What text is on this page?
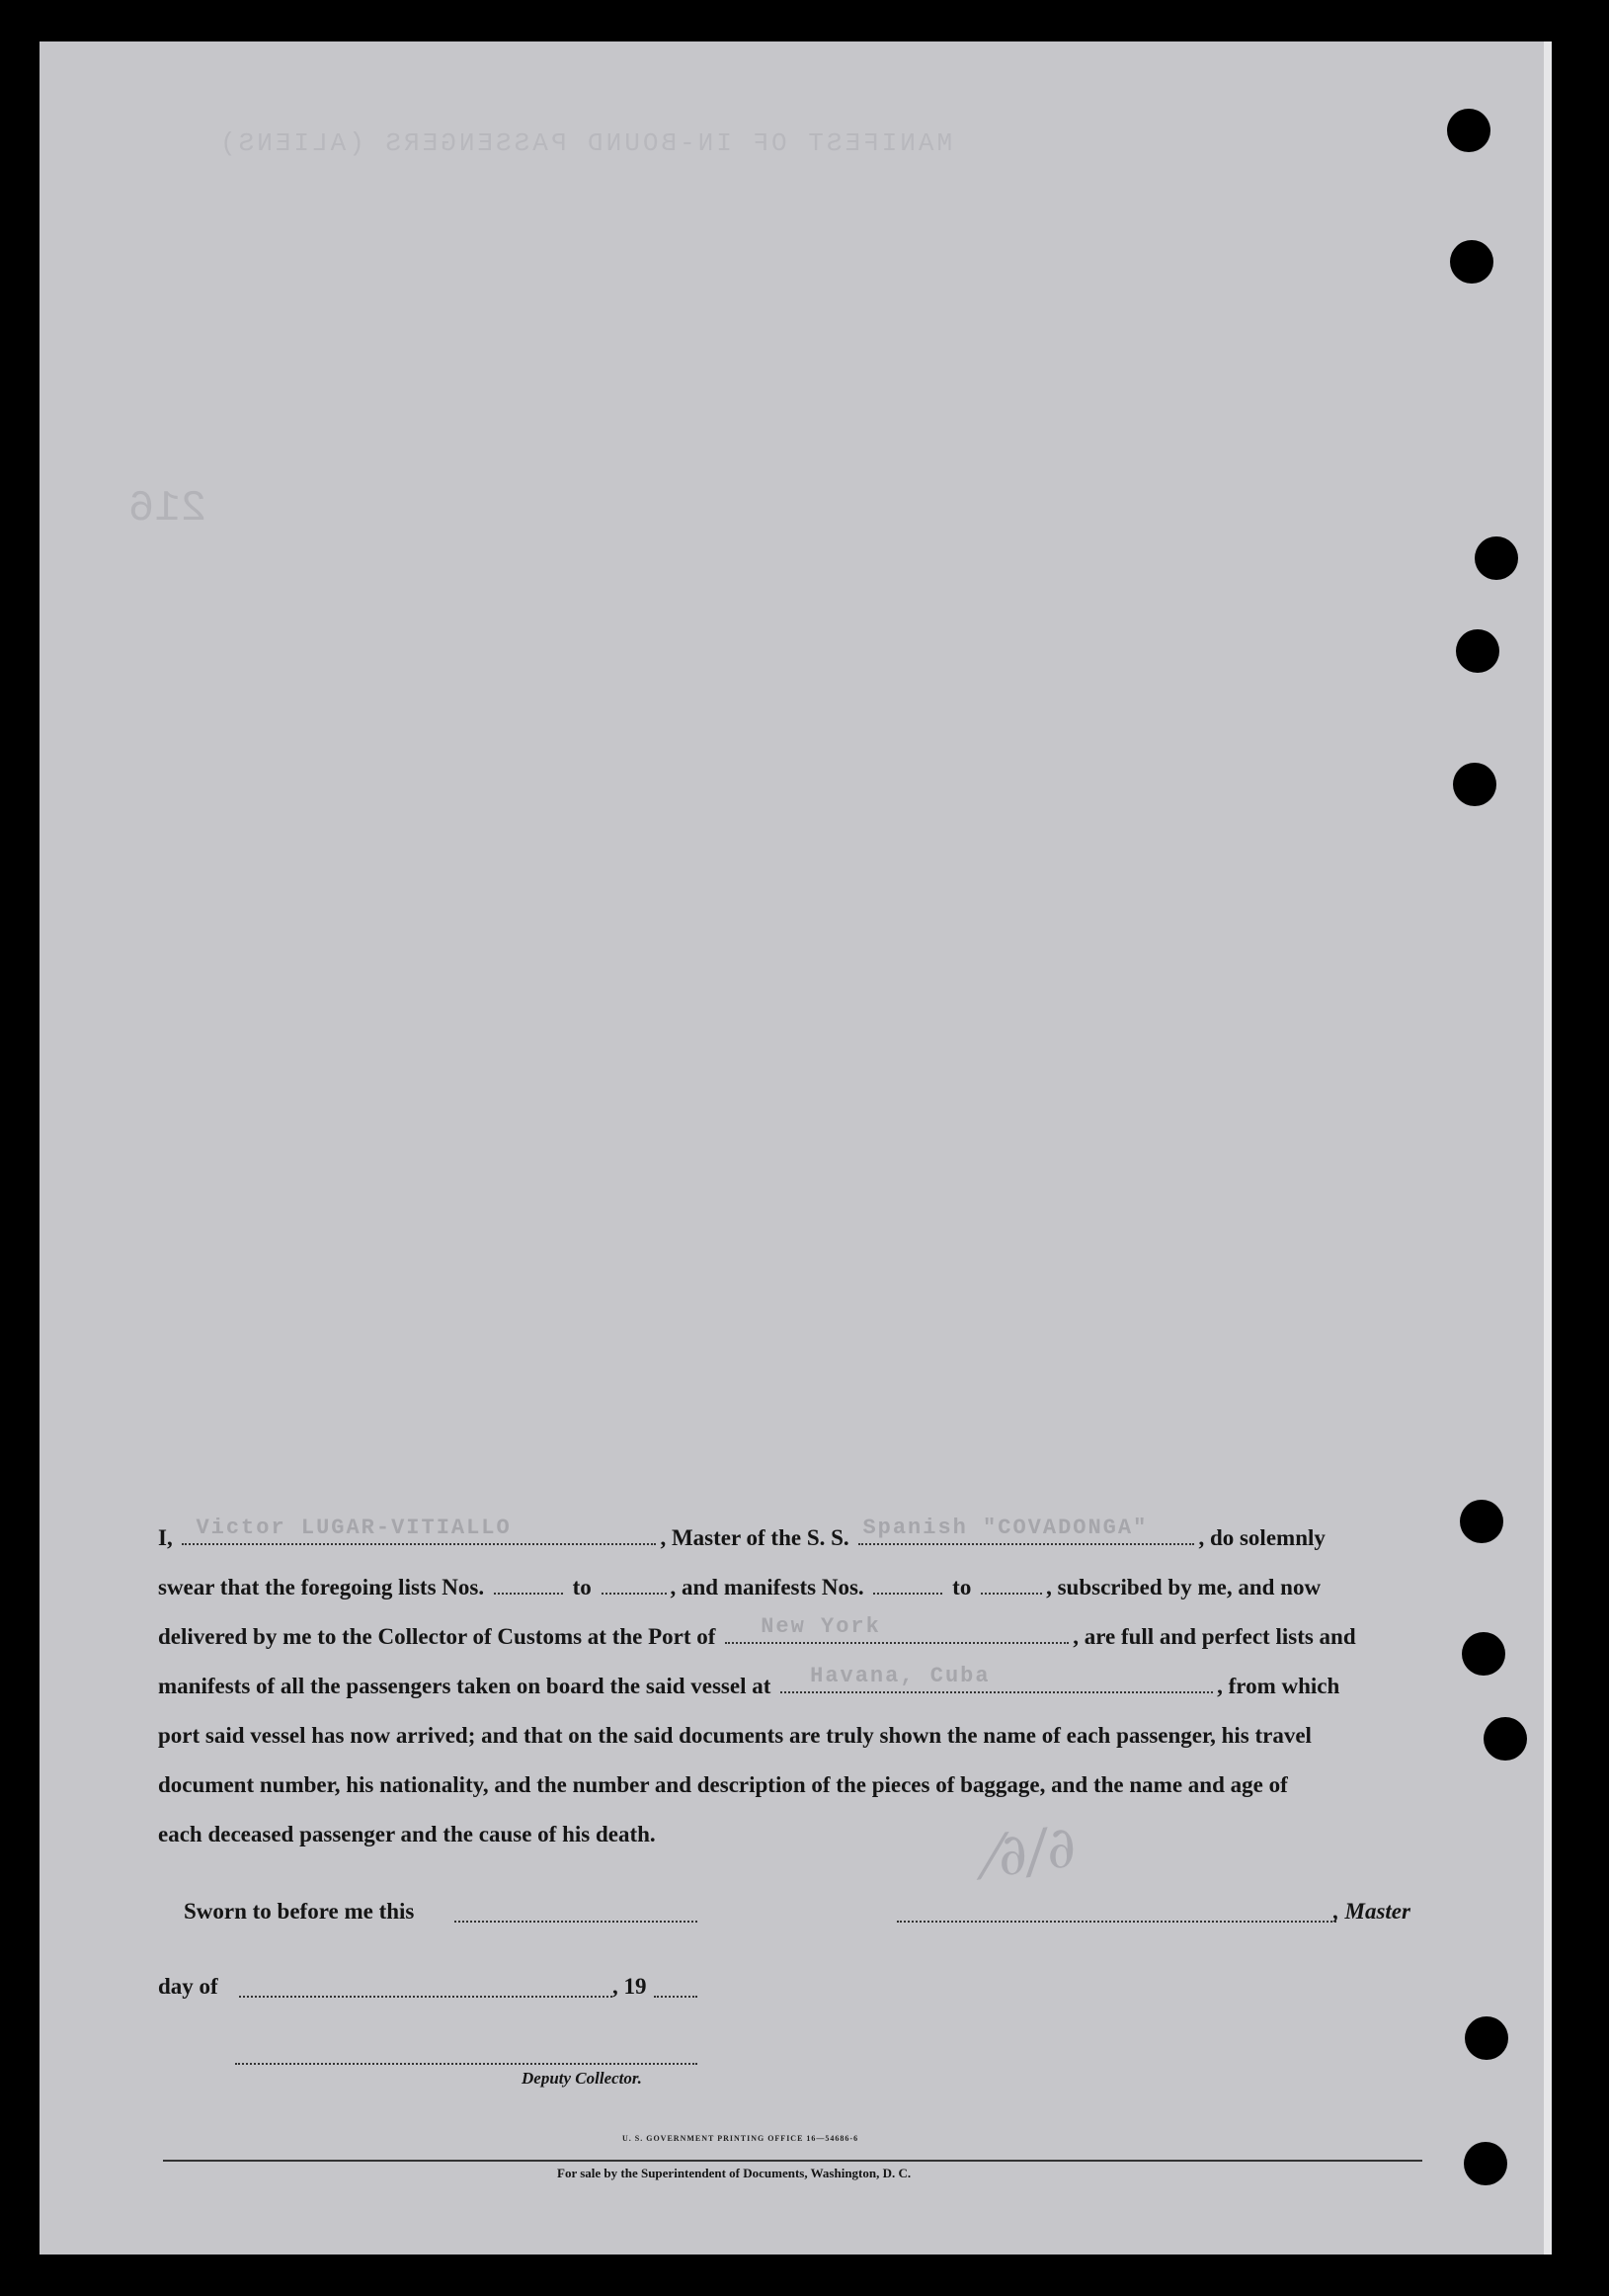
MANIFEST OF IN-BOUND PASSENGERS (ALIENS)
216
I, Victor LUGAR-VITIALLO	, Master of the S. S. Spanish "COVADONGA" , do solemnly
swear that the foregoing lists Nos.	to	, and manifests Nos.	to	, subscribed by me, and now
delivered by me to the Collector of Customs at the Port of New York	, are full and perfect lists and
manifests of all the passengers taken on board the said vessel at Havana, Cuba	, from which
port said vessel has now arrived; and that on the said documents are truly shown the name of each passenger, his travel
document number, his nationality, and the number and description of the pieces of baggage, and the name and age of
each deceased passenger and the cause of his death.	⁄∂∕∂
Sworn to before me this	, Master
day of	, 19
Deputy Collector.
U. S. GOVERNMENT PRINTING OFFICE 16—54686-6
For sale by the Superintendent of Documents, Washington, D. C.
